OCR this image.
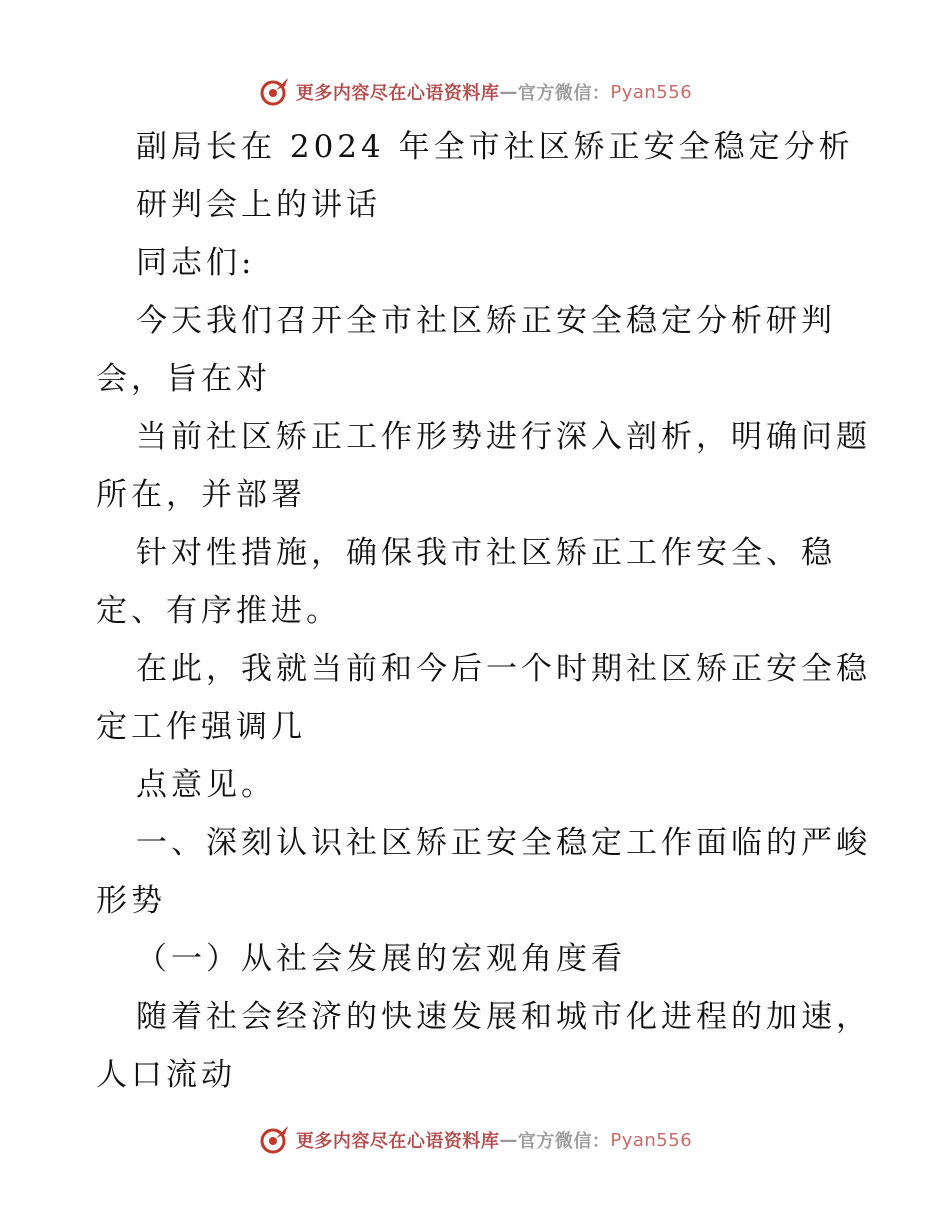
更多内容尽在心语资料库 — 官方微信： Pyan556
副局长在 2024 年全市社区矫正安全稳定分析
研判会上的讲话
同志们:
今天我们召开全市社区矫正安全稳定分析研判
会，旨在对
当前社区矫正工作形势进行深入剖析，明确问题
所在，并部署
针对性措施，确保我市社区矫正工作安全、稳
定、有序推进。
在此，我就当前和今后一个时期社区矫正安全稳
定工作强调几
点意见。
一、深刻认识社区矫正安全稳定工作面临的严峻
形势
（一）从社会发展的宏观角度看
随着社会经济的快速发展和城市化进程的加速，
人口流动
更多内容尽在心语资料库 — 官方微信： Pyan556
